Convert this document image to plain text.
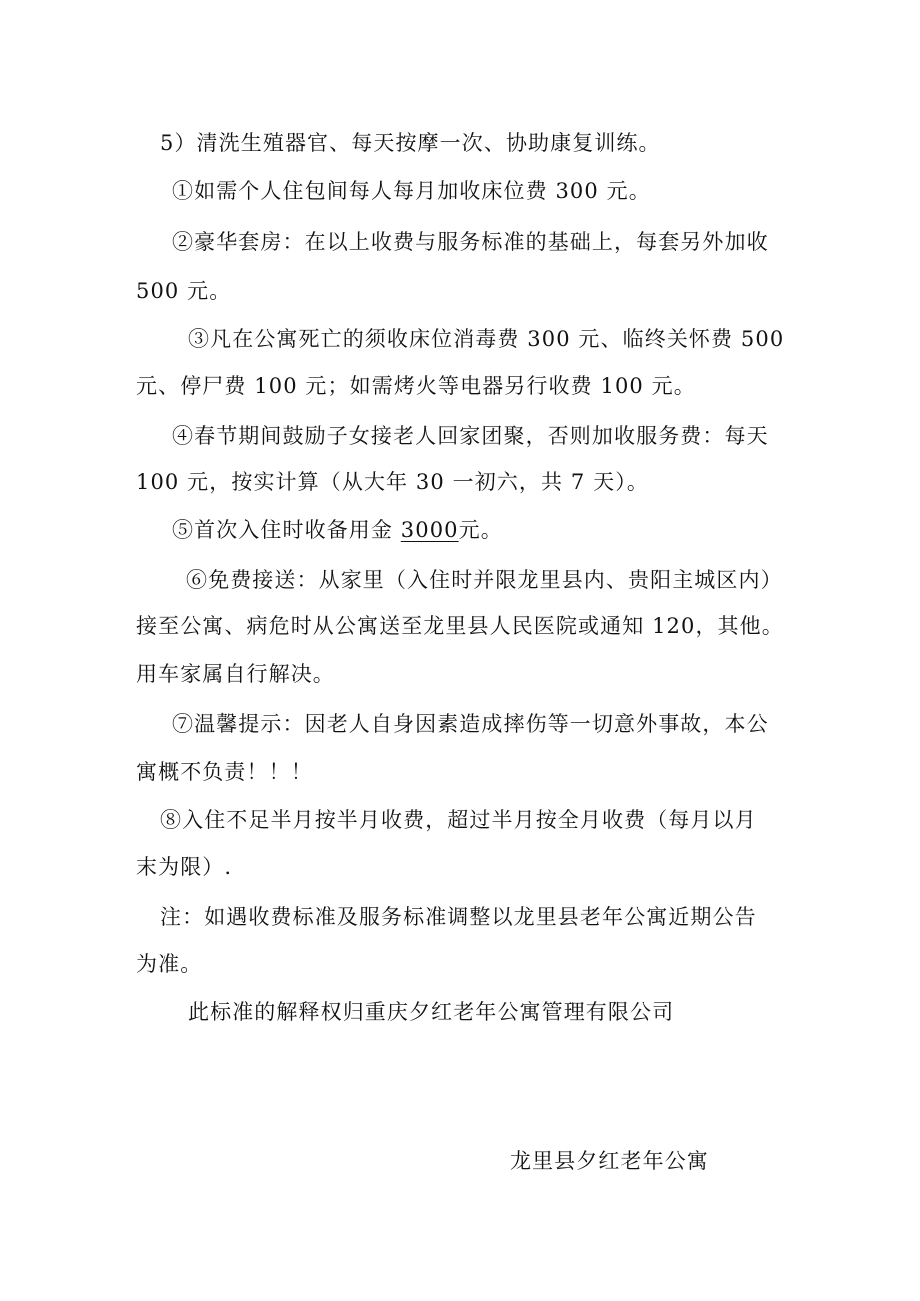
5）清洗生殖器官、每天按摩一次、协助康复训练。
①如需个人住包间每人每月加收床位费 300 元。
②豪华套房：在以上收费与服务标准的基础上，每套另外加收
500 元。
③凡在公寓死亡的须收床位消毒费 300 元、临终关怀费 500
元、停尸费 100 元；如需烤火等电器另行收费 100 元。
④春节期间鼓励子女接老人回家团聚，否则加收服务费：每天
100 元，按实计算（从大年 30 一初六，共 7 天）。
⑤首次入住时收备用金 3000元。
⑥免费接送：从家里（入住时并限龙里县内、贵阳主城区内）
接至公寓、病危时从公寓送至龙里县人民医院或通知 120，其他。
用车家属自行解决。
⑦温馨提示：因老人自身因素造成摔伤等一切意外事故，本公
寓概不负责！！！
⑧入住不足半月按半月收费，超过半月按全月收费（每月以月
末为限）.
注：如遇收费标准及服务标准调整以龙里县老年公寓近期公告
为准。
此标准的解释权归重庆夕红老年公寓管理有限公司
龙里县夕红老年公寓
